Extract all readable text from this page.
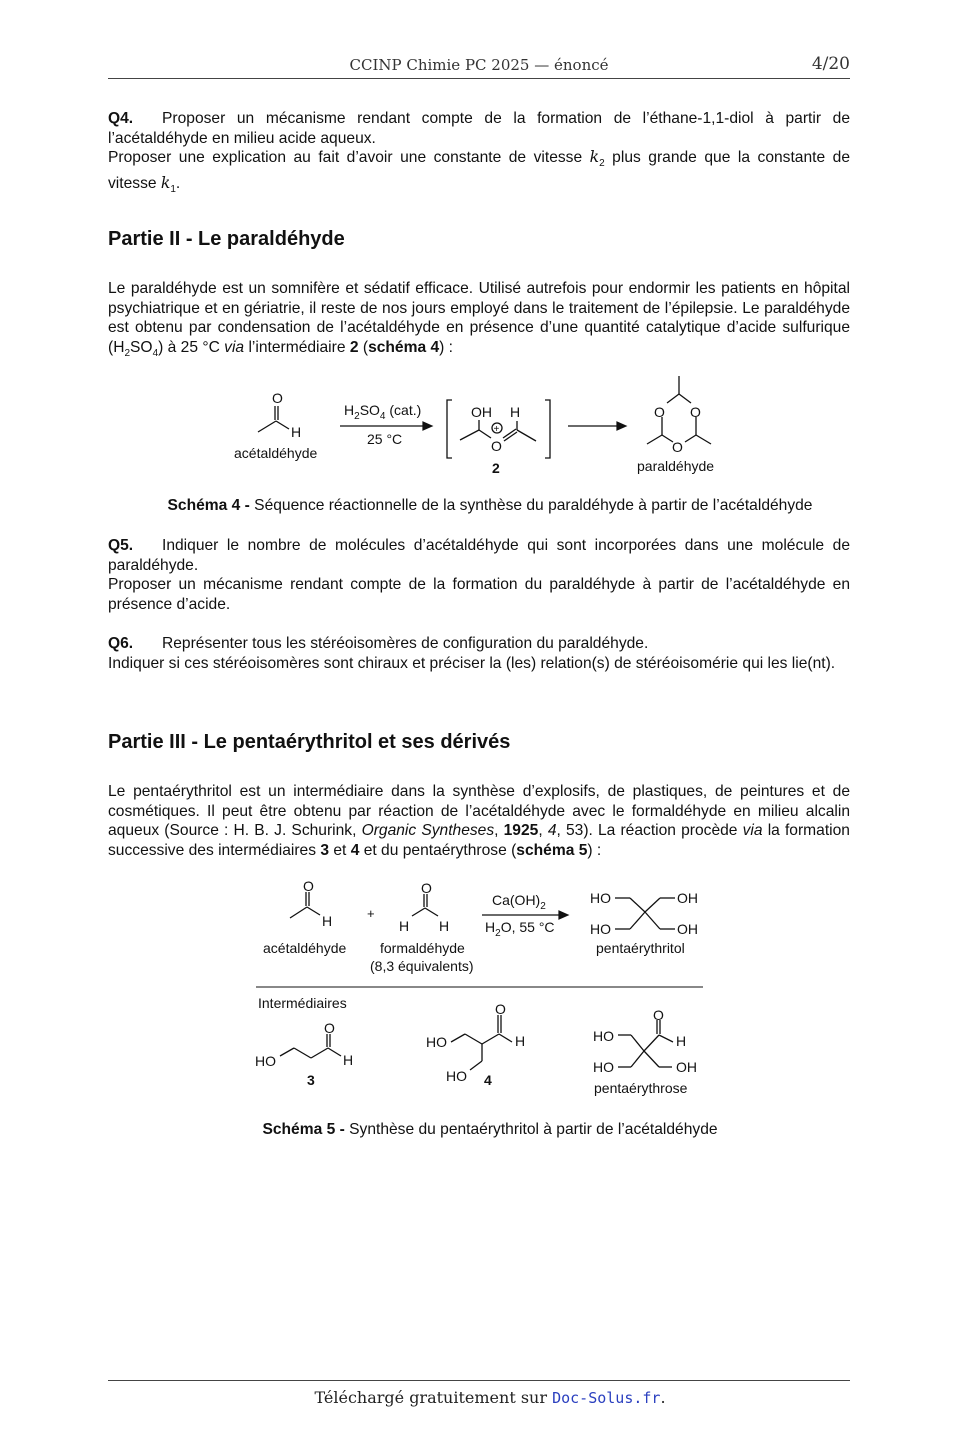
CCINP Chimie PC 2025 — énoncé	4/20

Q4. Proposer un mécanisme rendant compte de la formation de l’éthane-1,1-diol à partir de l’acétaldéhyde en milieu acide aqueux.

Proposer une explication au fait d’avoir une constante de vitesse $k_2$ plus grande que la constante de vitesse $k_1$.

Partie II - Le paraldéhyde

Le paraldéhyde est un somnifère et sédatif efficace. Utilisé autrefois pour endormir les patients en hôpital psychiatrique et en gériatrie, il reste de nos jours employé dans le traitement de l’épilepsie. Le paraldéhyde est obtenu par condensation de l’acétaldéhyde en présence d’une quantité catalytique d’acide sulfurique $(H_2SO_4)$ à 25 °C via l’intermédiaire 2 (schéma 4) :

O
H
acétaldéhyde
$H_2SO_4$ (cat.)
25 °C
OH H
+
O
2
O O
O
paraldéhyde
Schéma 4 - Séquence réactionnelle de la synthèse du paraldéhyde à partir de l’acétaldéhyde

Q5. Indiquer le nombre de molécules d’acétaldéhyde qui sont incorporées dans une molécule de paraldéhyde.

Proposer un mécanisme rendant compte de la formation du paraldéhyde à partir de l’acétaldéhyde en présence d’acide.

Q6. Représenter tous les stéréoisomères de configuration du paraldéhyde.

Indiquer si ces stéréoisomères sont chiraux et préciser la (les) relation(s) de stéréoisomérie qui les lie(nt).

Partie III - Le pentaérythritol et ses dérivés

Le pentaérythritol est un intermédiaire dans la synthèse d’explosifs, de plastiques, de peintures et de cosmétiques. Il peut être obtenu par réaction de l’acétaldéhyde avec le formaldéhyde en milieu alcalin aqueux (Source : H. B. J. Schurink, Organic Syntheses, 1925, 4, 53). La réaction procède via la formation successive des intermédiaires 3 et 4 et du pentaérythrose (schéma 5) :

O
H
acétaldéhyde
+
O
H H
formaldéhyde
(8,3 équivalents)
$Ca(OH)_2$
$H_2O$, 55 °C
HO	OH
HO	OH
pentaérythritol
Intermédiaires
O
HO	H
3
O
HO	H
HO 4
O
H
HO
HO	OH
pentaérythrose
Schéma 5 - Synthèse du pentaérythritol à partir de l’acétaldéhyde
Téléchargé gratuitement sur Doc-Solus.fr.
